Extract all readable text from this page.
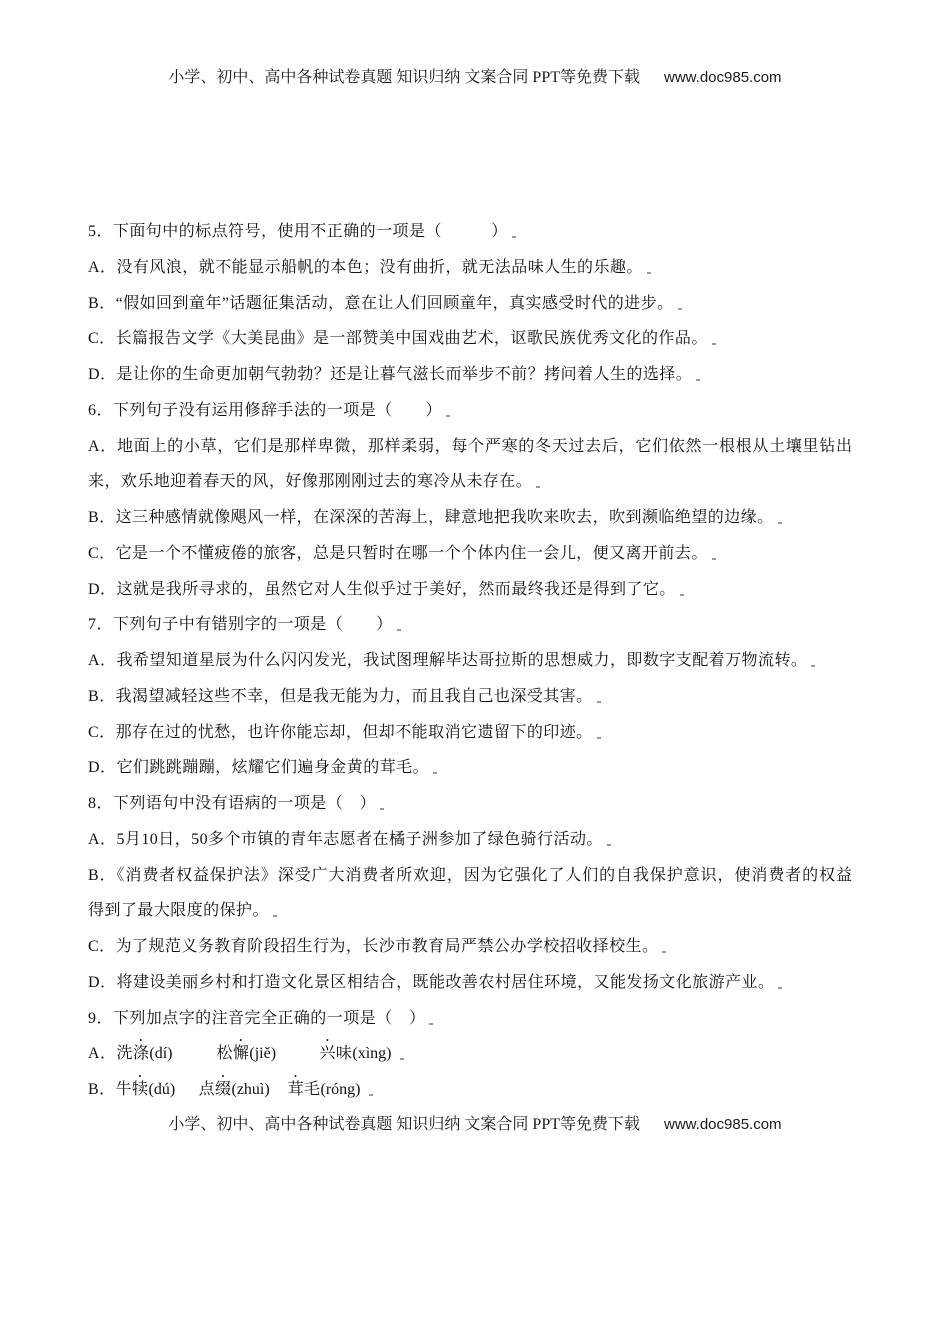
小学、初中、高中各种试卷真题 知识归纳 文案合同 PPT等免费下载 www.doc985.com
5．下面句中的标点符号，使用不正确的一项是（　　　）
A．没有风浪，就不能显示船帆的本色；没有曲折，就无法品味人生的乐趣。
B．“假如回到童年”话题征集活动，意在让人们回顾童年，真实感受时代的进步。
C．长篇报告文学《大美昆曲》是一部赞美中国戏曲艺术，讴歌民族优秀文化的作品。
D．是让你的生命更加朝气勃勃？还是让暮气滋长而举步不前？拷问着人生的选择。
6．下列句子没有运用修辞手法的一项是（　　）
A．地面上的小草，它们是那样卑微，那样柔弱，每个严寒的冬天过去后，它们依然一根根从土壤里钻出
来，欢乐地迎着春天的风，好像那刚刚过去的寒冷从未存在。
B．这三种感情就像飓风一样，在深深的苦海上，肆意地把我吹来吹去，吹到濒临绝望的边缘。
C．它是一个不懂疲倦的旅客，总是只暂时在哪一个个体内住一会儿，便又离开前去。
D．这就是我所寻求的，虽然它对人生似乎过于美好，然而最终我还是得到了它。
7．下列句子中有错别字的一项是（　　）
A．我希望知道星辰为什么闪闪发光，我试图理解毕达哥拉斯的思想威力，即数字支配着万物流转。
B．我渴望减轻这些不幸，但是我无能为力，而且我自己也深受其害。
C．那存在过的忧愁，也许你能忘却，但却不能取消它遗留下的印迹。
D．它们跳跳蹦蹦，炫耀它们遍身金黄的茸毛。
8．下列语句中没有语病的一项是（　）
A．5月10日，50多个市镇的青年志愿者在橘子洲参加了绿色骑行活动。
B．《消费者权益保护法》深受广大消费者所欢迎，因为它强化了人们的自我保护意识，使消费者的权益
得到了最大限度的保护。
C．为了规范义务教育阶段招生行为，长沙市教育局严禁公办学校招收择校生。
D．将建设美丽乡村和打造文化景区相结合，既能改善农村居住环境，又能发扬文化旅游产业。
9．下列加点字的注音完全正确的一项是（　）
A．洗涤(dí)	松懈(jiě)	兴味(xìng)
B．牛犊(dú) 点缀(zhuì) 茸毛(róng)
小学、初中、高中各种试卷真题 知识归纳 文案合同 PPT等免费下载 www.doc985.com
